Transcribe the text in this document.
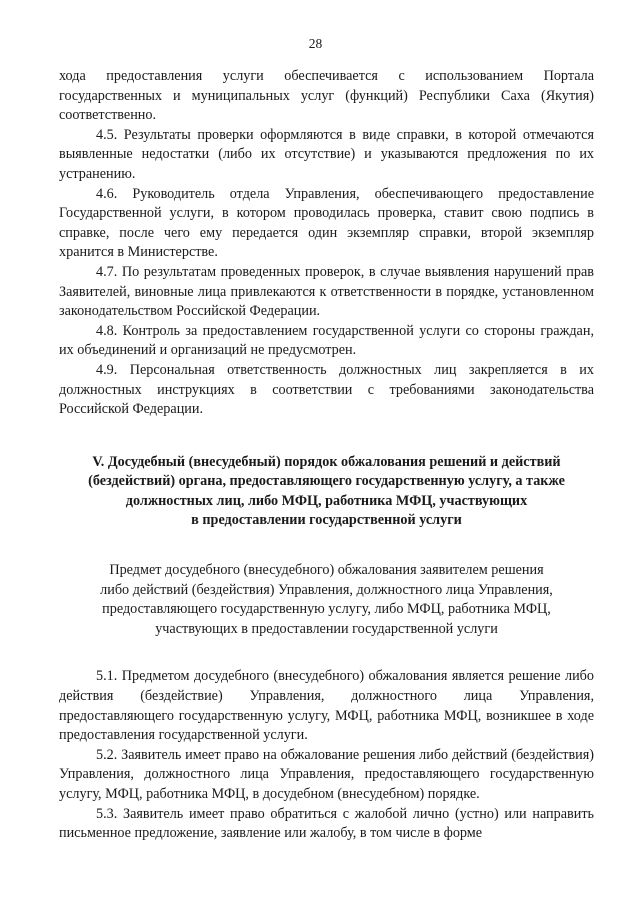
28

хода предоставления услуги обеспечивается с использованием Портала государственных и муниципальных услуг (функций) Республики Саха (Якутия) соответственно.

4.5. Результаты проверки оформляются в виде справки, в которой отмечаются выявленные недостатки (либо их отсутствие) и указываются предложения по их устранению.

4.6. Руководитель отдела Управления, обеспечивающего предоставление Государственной услуги, в котором проводилась проверка, ставит свою подпись в справке, после чего ему передается один экземпляр справки, второй экземпляр хранится в Министерстве.

4.7. По результатам проведенных проверок, в случае выявления нарушений прав Заявителей, виновные лица привлекаются к ответственности в порядке, установленном законодательством Российской Федерации.

4.8. Контроль за предоставлением государственной услуги со стороны граждан, их объединений и организаций не предусмотрен.

4.9. Персональная ответственность должностных лиц закрепляется в их должностных инструкциях в соответствии с требованиями законодательства Российской Федерации.

V. Досудебный (внесудебный) порядок обжалования решений и действий
(бездействий) органа, предоставляющего государственную услугу, а также
должностных лиц, либо МФЦ, работника МФЦ, участвующих
в предоставлении государственной услуги
Предмет досудебного (внесудебного) обжалования заявителем решения
либо действий (бездействия) Управления, должностного лица Управления,
предоставляющего государственную услугу, либо МФЦ, работника МФЦ,
участвующих в предоставлении государственной услуги

5.1. Предметом досудебного (внесудебного) обжалования является решение либо действия (бездействие) Управления, должностного лица Управления, предоставляющего государственную услугу, МФЦ, работника МФЦ, возникшее в ходе предоставления государственной услуги.

5.2. Заявитель имеет право на обжалование решения либо действий (бездействия) Управления, должностного лица Управления, предоставляющего государственную услугу, МФЦ, работника МФЦ, в досудебном (внесудебном) порядке.

5.3. Заявитель имеет право обратиться с жалобой лично (устно) или направить письменное предложение, заявление или жалобу, в том числе в форме
